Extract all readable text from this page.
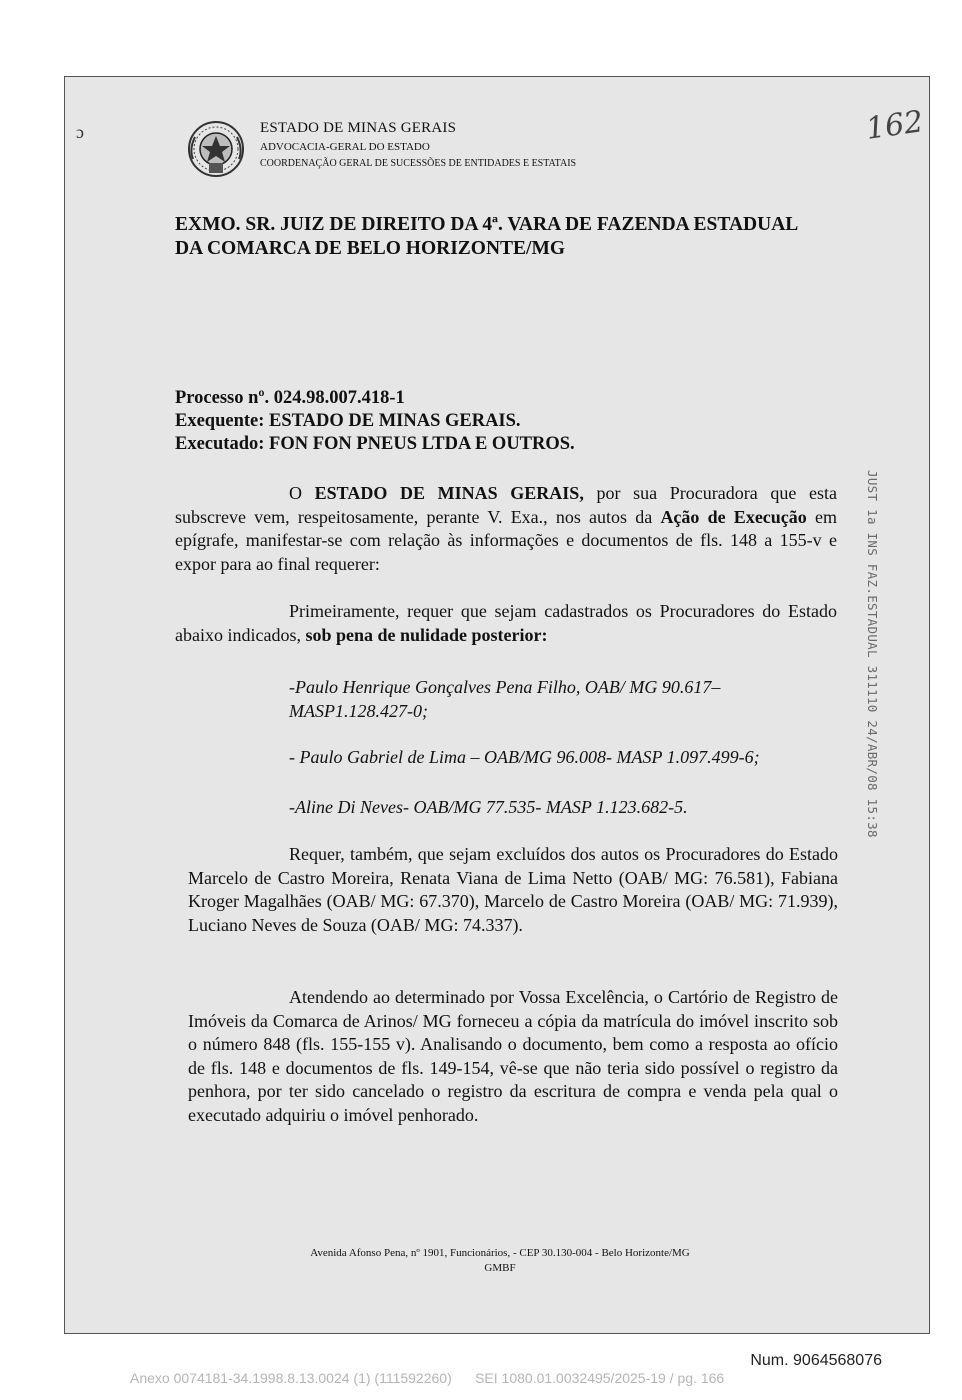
ESTADO DE MINAS GERAIS
ADVOCACIA-GERAL DO ESTADO
COORDENAÇÃO GERAL DE SUCESSÕES DE ENTIDADES E ESTATAIS
162
ɔ
EXMO. SR. JUIZ DE DIREITO DA 4ª. VARA DE FAZENDA ESTADUAL
DA COMARCA DE BELO HORIZONTE/MG
Processo nº. 024.98.007.418-1
Exequente: ESTADO DE MINAS GERAIS.
Executado: FON FON PNEUS LTDA E OUTROS.
O ESTADO DE MINAS GERAIS, por sua Procuradora que esta subscreve vem, respeitosamente, perante V. Exa., nos autos da Ação de Execução em epígrafe, manifestar-se com relação às informações e documentos de fls. 148 a 155-v e expor para ao final requerer:
Primeiramente, requer que sejam cadastrados os Procuradores do Estado abaixo indicados, sob pena de nulidade posterior:
-Paulo Henrique Gonçalves Pena Filho, OAB/ MG 90.617– MASP1.128.427-0;
- Paulo Gabriel de Lima – OAB/MG 96.008- MASP 1.097.499-6;
-Aline Di Neves- OAB/MG 77.535- MASP 1.123.682-5.
Requer, também, que sejam excluídos dos autos os Procuradores do Estado Marcelo de Castro Moreira, Renata Viana de Lima Netto (OAB/ MG: 76.581), Fabiana Kroger Magalhães (OAB/ MG: 67.370), Marcelo de Castro Moreira (OAB/ MG: 71.939), Luciano Neves de Souza (OAB/ MG: 74.337).
Atendendo ao determinado por Vossa Excelência, o Cartório de Registro de Imóveis da Comarca de Arinos/ MG forneceu a cópia da matrícula do imóvel inscrito sob o número 848 (fls. 155-155 v). Analisando o documento, bem como a resposta ao ofício de fls. 148 e documentos de fls. 149-154, vê-se que não teria sido possível o registro da penhora, por ter sido cancelado o registro da escritura de compra e venda pela qual o executado adquiriu o imóvel penhorado.
JUST 1a INS FAZ.ESTADUAL 311110 24/ABR/08 15:38
Avenida Afonso Pena, nº 1901, Funcionários, - CEP 30.130-004 - Belo Horizonte/MG
GMBF
Num. 9064568076
Anexo 0074181-34.1998.8.13.0024 (1) (111592260) SEI 1080.01.0032495/2025-19 / pg. 166
